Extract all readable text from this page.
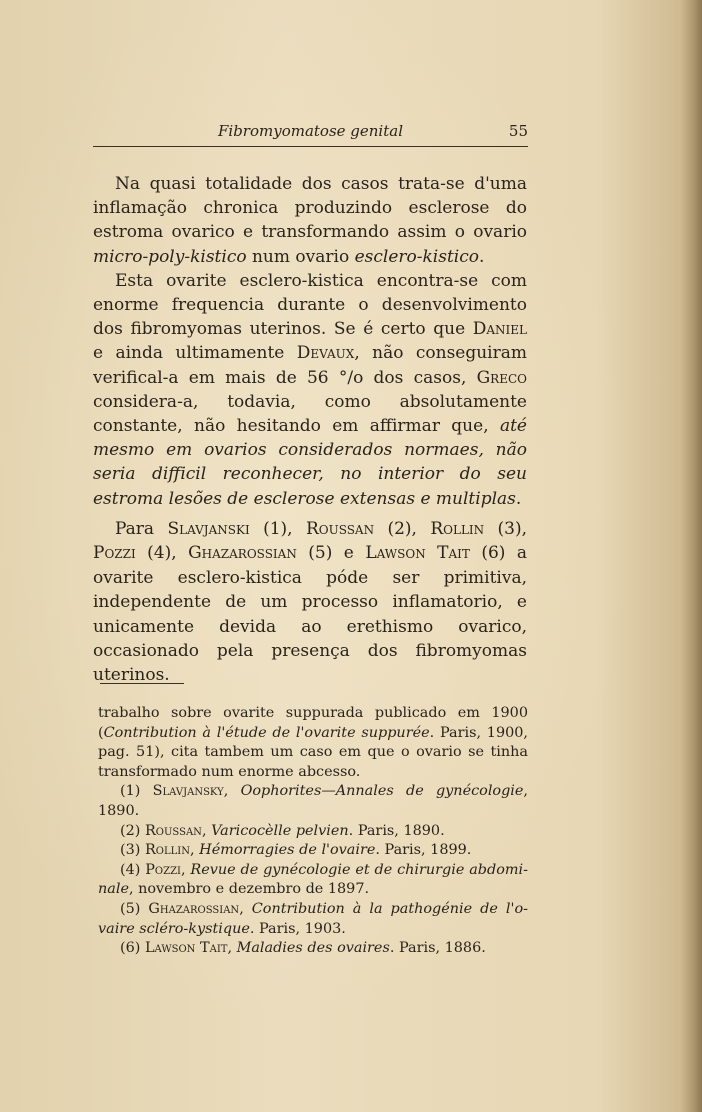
Fibromyomatose genital	55

Na quasi totalidade dos casos trata-se d'uma inflamação chronica produzindo esclerose do estroma ovarico e transformando assim o ovario micro-poly-kistico num ovario esclero-kistico.

Esta ovarite esclero-kistica encontra-se com enorme frequencia durante o desenvolvimento dos fibromyomas uterinos. Se é certo que Daniel e ainda ultimamente Devaux, não conseguiram verifical-a em mais de 56 °/o dos casos, Greco considera-a, todavia, como absolutamente constante, não hesitando em affirmar que, até mesmo em ovarios considerados normaes, não seria difficil reconhecer, no interior do seu estroma lesões de esclerose extensas e multiplas.

Para Slavjanski (1), Roussan (2), Rollin (3), Pozzi (4), Ghazarossian (5) e Lawson Tait (6) a ovarite esclero-kistica póde ser primitiva, independente de um processo inflamatorio, e unicamente devida ao erethismo ovarico, occasionado pela presença dos fibromyomas uterinos.

trabalho sobre ovarite suppurada publicado em 1900 (Contribution à l'étude de l'ovarite suppurée. Paris, 1900, pag. 51), cita tambem um caso em que o ovario se tinha transformado num enorme abcesso.

(1) Slavjansky, Oophorites—Annales de gynécologie, 1890.

(2) Roussan, Varicocèlle pelvien. Paris, 1890.

(3) Rollin, Hémorragies de l'ovaire. Paris, 1899.

(4) Pozzi, Revue de gynécologie et de chirurgie abdominale, novembro e dezembro de 1897.

(5) Ghazarossian, Contribution à la pathogénie de l'ovaire scléro-kystique. Paris, 1903.

(6) Lawson Tait, Maladies des ovaires. Paris, 1886.
